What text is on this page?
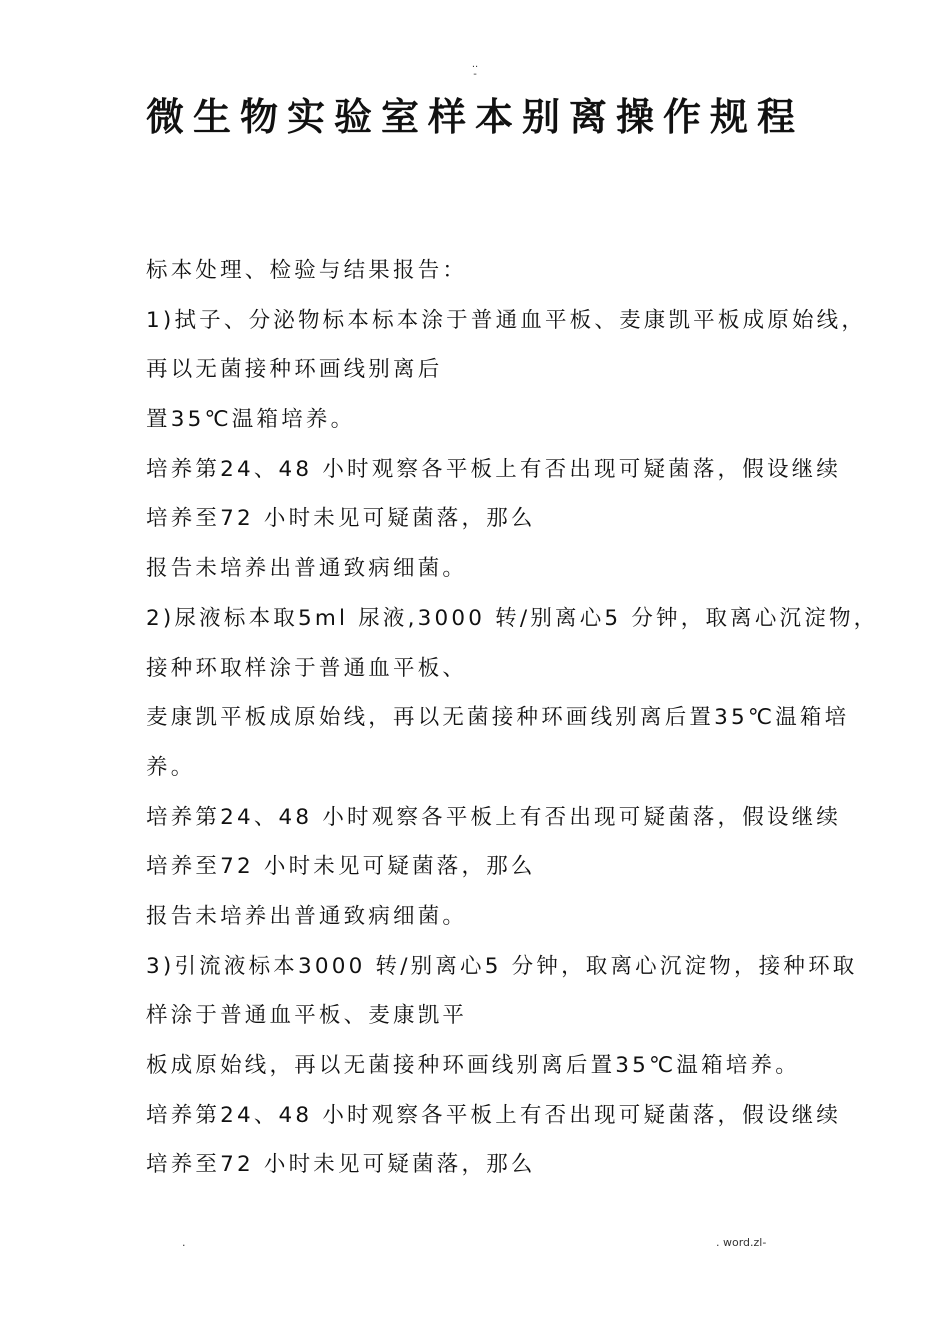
..
-
微生物实验室样本别离操作规程
标本处理、检验与结果报告：
1)拭子、分泌物标本标本涂于普通血平板、麦康凯平板成原始线，
再以无菌接种环画线别离后
置35℃温箱培养。
培养第24、48 小时观察各平板上有否出现可疑菌落，假设继续
培养至72 小时未见可疑菌落，那么
报告未培养出普通致病细菌。
2)尿液标本取5ml 尿液,3000 转/别离心5 分钟，取离心沉淀物，
接种环取样涂于普通血平板、
麦康凯平板成原始线，再以无菌接种环画线别离后置35℃温箱培
养。
培养第24、48 小时观察各平板上有否出现可疑菌落，假设继续
培养至72 小时未见可疑菌落，那么
报告未培养出普通致病细菌。
3)引流液标本3000 转/别离心5 分钟，取离心沉淀物，接种环取
样涂于普通血平板、麦康凯平
板成原始线，再以无菌接种环画线别离后置35℃温箱培养。
培养第24、48 小时观察各平板上有否出现可疑菌落，假设继续
培养至72 小时未见可疑菌落，那么
.	. word.zl-
